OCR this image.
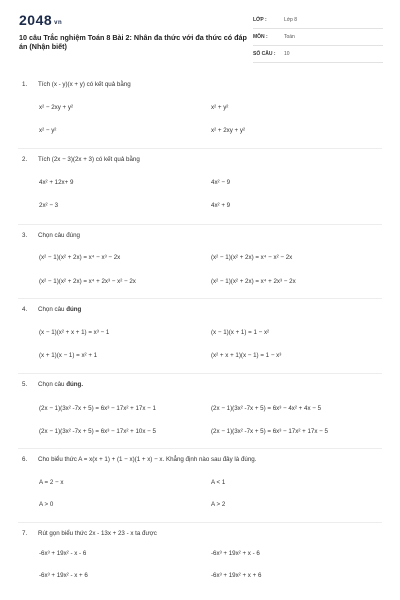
2048 vn
10 câu Trắc nghiệm Toán 8 Bài 2: Nhân đa thức với đa thức có đáp án (Nhận biết)
LỚP :	Lớp 8
MÔN :	Toán
SỐ CÂU :	10
1. Tích (x - y)(x + y) có kết quả bằng
x² − 2xy + y²	x² + y²
x² − y²	x² + 2xy + y²
2. Tích (2x − 3)(2x + 3) có kết quả bằng
4x² + 12x+ 9	4x² − 9
2x² − 3	4x² + 9
3. Chọn câu đúng
(x² − 1)(x² + 2x) = x⁴ − x³ − 2x	(x² − 1)(x² + 2x) = x⁴ − x² − 2x
(x² − 1)(x² + 2x) = x⁴ + 2x³ − x² − 2x	(x² − 1)(x² + 2x) = x⁴ + 2x³ − 2x
4. Chọn câu đúng
(x − 1)(x² + x + 1) = x³ − 1	(x − 1)(x + 1) = 1 − x²
(x + 1)(x − 1) = x² + 1	(x² + x + 1)(x − 1) = 1 − x³
5. Chọn câu đúng.
(2x − 1)(3x² -7x + 5) = 6x³ − 17x² + 17x − 1	(2x − 1)(3x² -7x + 5) = 6x³ − 4x² + 4x − 5
(2x − 1)(3x² -7x + 5) = 6x³ − 17x² + 10x − 5	(2x − 1)(3x² -7x + 5) = 6x³ − 17x² + 17x − 5
6. Cho biểu thức A = x(x + 1) + (1 − x)(1 + x) − x. Khẳng định nào sau đây là đúng.
A = 2 − x	A < 1
A > 0	A > 2
7. Rút gọn biểu thức 2x - 13x + 23 - x ta được
-6x³ + 19x² - x - 6	-6x³ + 19x² + x - 6
-6x³ + 19x² - x + 6	-6x³ + 19x² + x + 6
